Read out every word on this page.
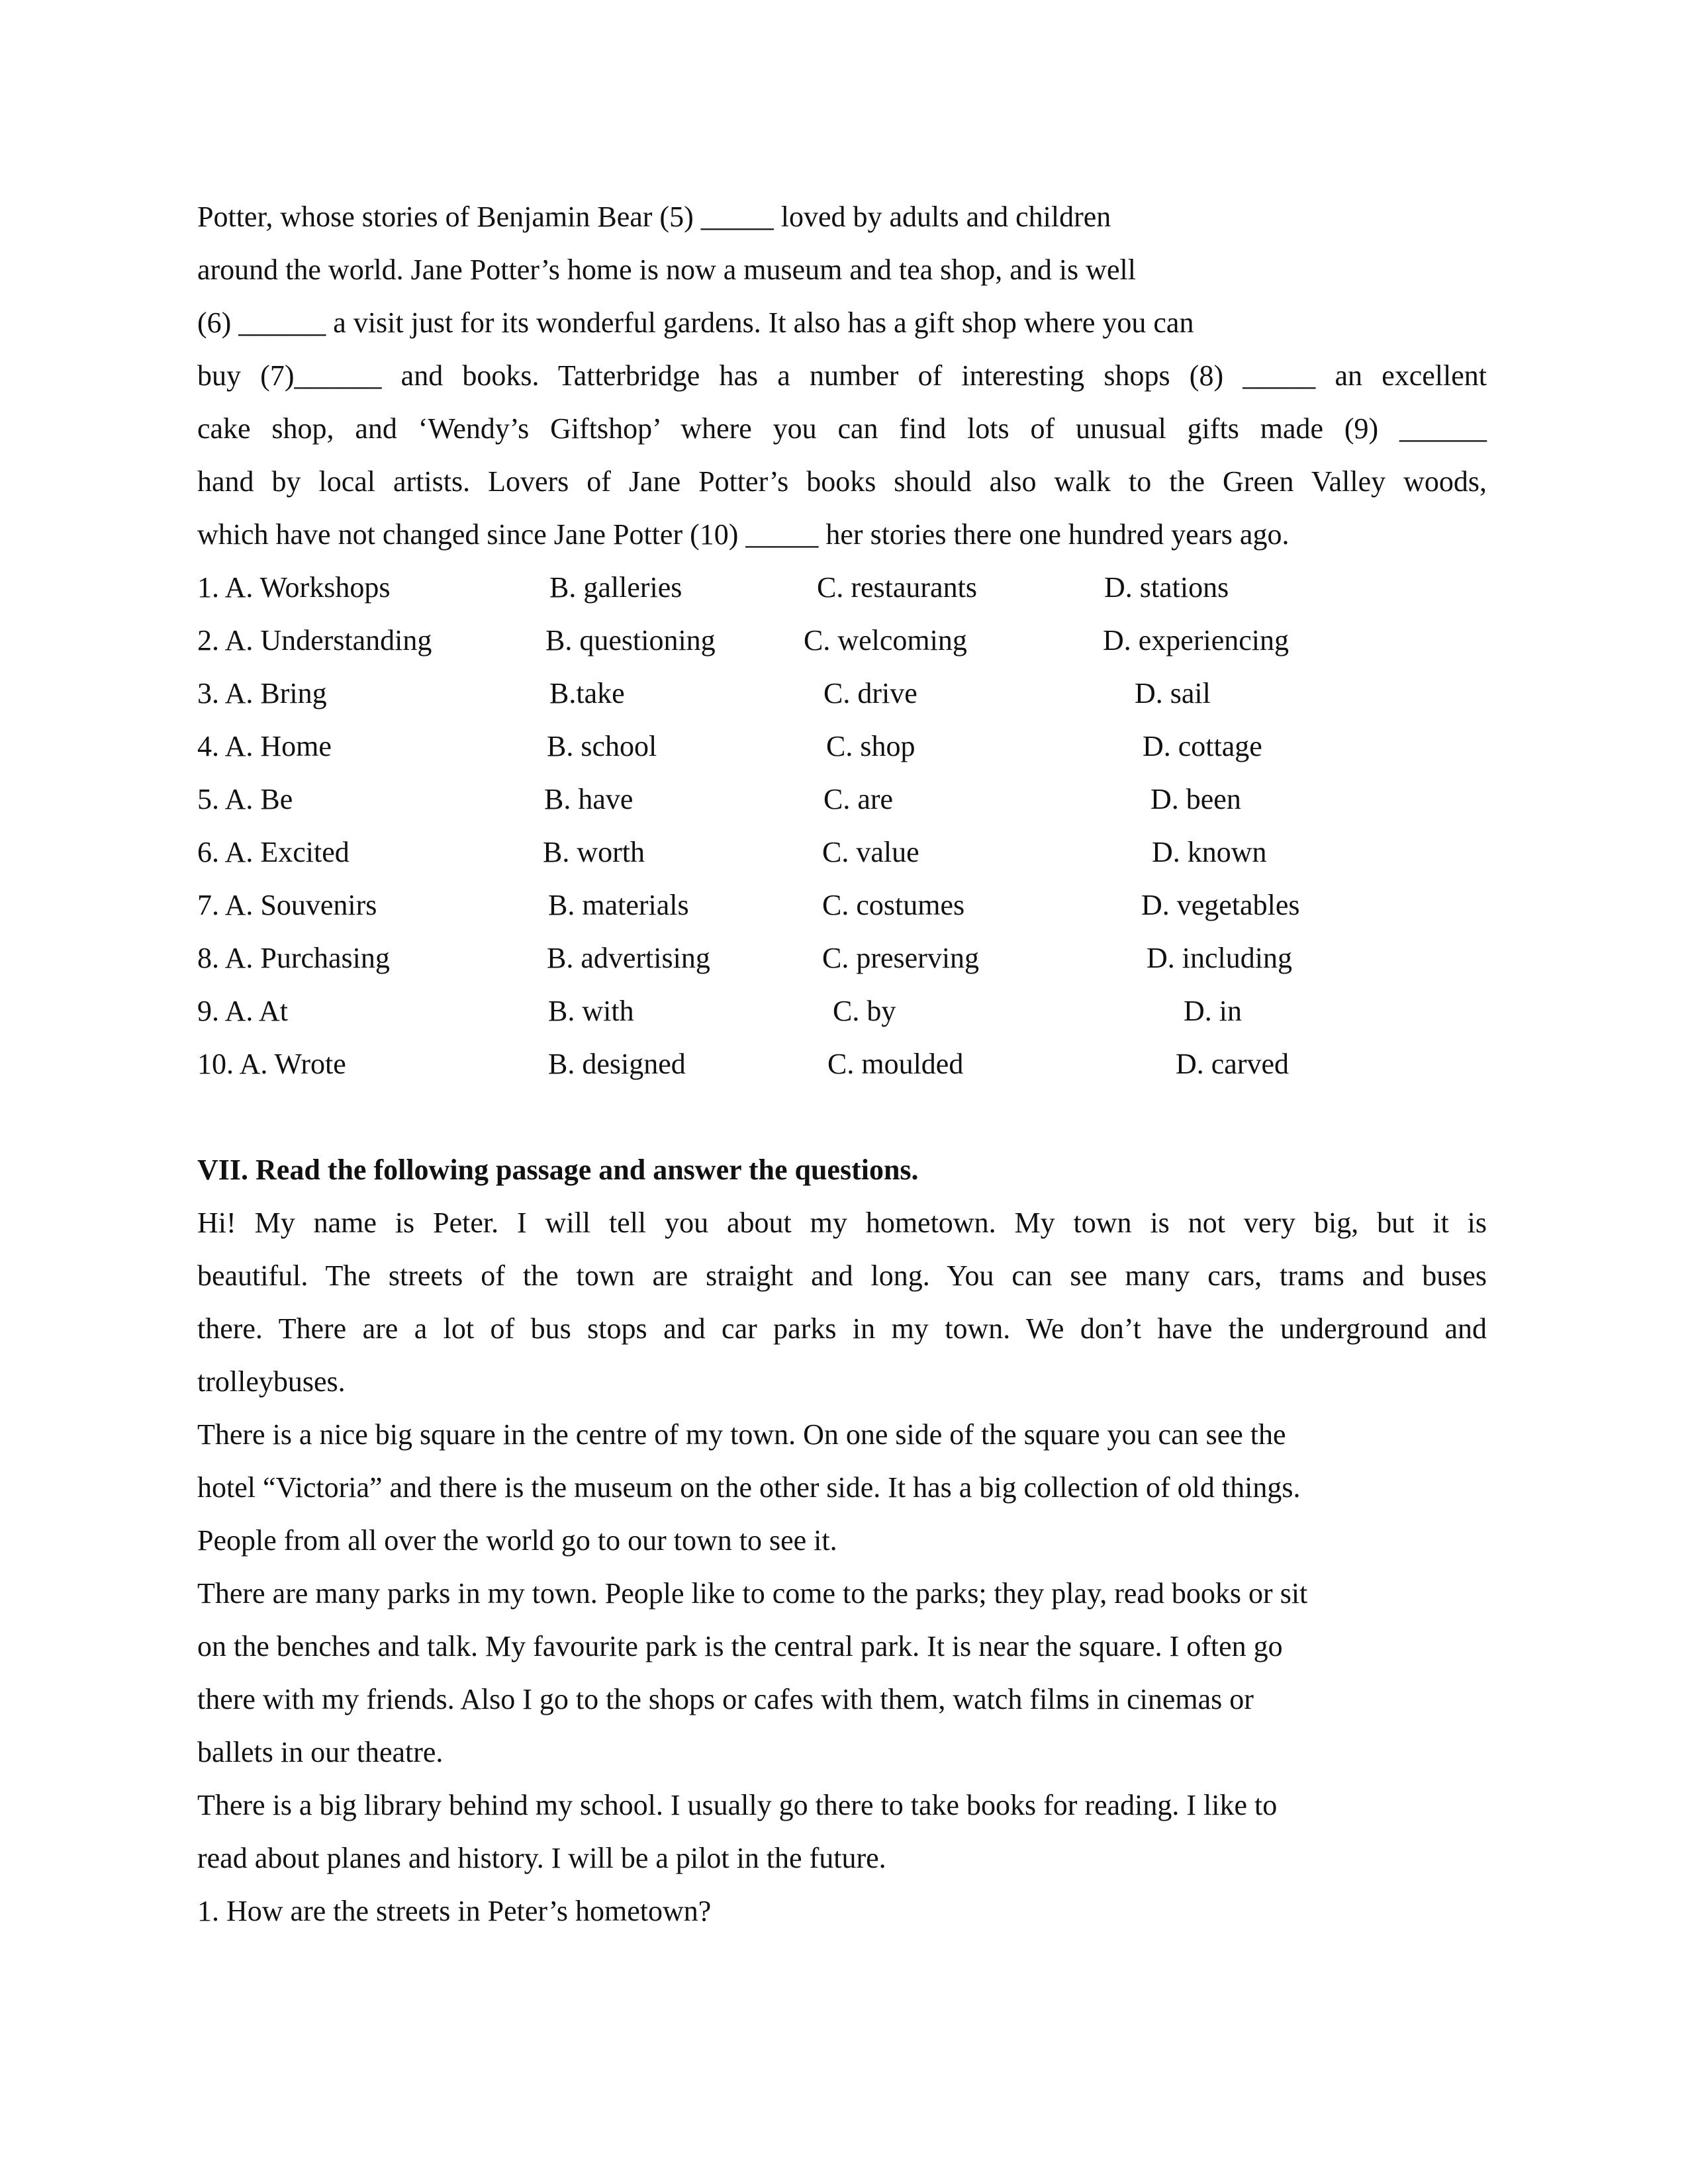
Potter, whose stories of Benjamin Bear (5) _____ loved by adults and children
around the world. Jane Potter’s home is now a museum and tea shop, and is well
(6) ______ a visit just for its wonderful gardens. It also has a gift shop where you can
buy (7)______ and books. Tatterbridge has a number of interesting shops (8) _____ an excellent
cake shop, and ‘Wendy’s Giftshop’ where you can find lots of unusual gifts made (9) ______
hand by local artists. Lovers of Jane Potter’s books should also walk to the Green Valley woods,
which have not changed since Jane Potter (10) _____ her stories there one hundred years ago.
1. A. Workshops	B. galleries	C. restaurants	D. stations
2. A. Understanding	B. questioning	C. welcoming	D. experiencing
3. A. Bring	B.take	C. drive	D. sail
4. A. Home	B. school	C. shop	D. cottage
5. A. Be	B. have	C. are	D. been
6. A. Excited	B. worth	C. value	D. known
7. A. Souvenirs	B. materials	C. costumes	D. vegetables
8. A. Purchasing	B. advertising	C. preserving	D. including
9. A. At	B. with	C. by	D. in
10. A. Wrote	B. designed	C. moulded	D. carved
VII. Read the following passage and answer the questions.
Hi! My name is Peter. I will tell you about my hometown. My town is not very big, but it is
beautiful. The streets of the town are straight and long. You can see many cars, trams and buses
there. There are a lot of bus stops and car parks in my town. We don’t have the underground and
trolleybuses.
There is a nice big square in the centre of my town. On one side of the square you can see the
hotel “Victoria” and there is the museum on the other side. It has a big collection of old things.
People from all over the world go to our town to see it.
There are many parks in my town. People like to come to the parks; they play, read books or sit
on the benches and talk. My favourite park is the central park. It is near the square. I often go
there with my friends. Also I go to the shops or cafes with them, watch films in cinemas or
ballets in our theatre.
There is a big library behind my school. I usually go there to take books for reading. I like to
read about planes and history. I will be a pilot in the future.
1. How are the streets in Peter’s hometown?
